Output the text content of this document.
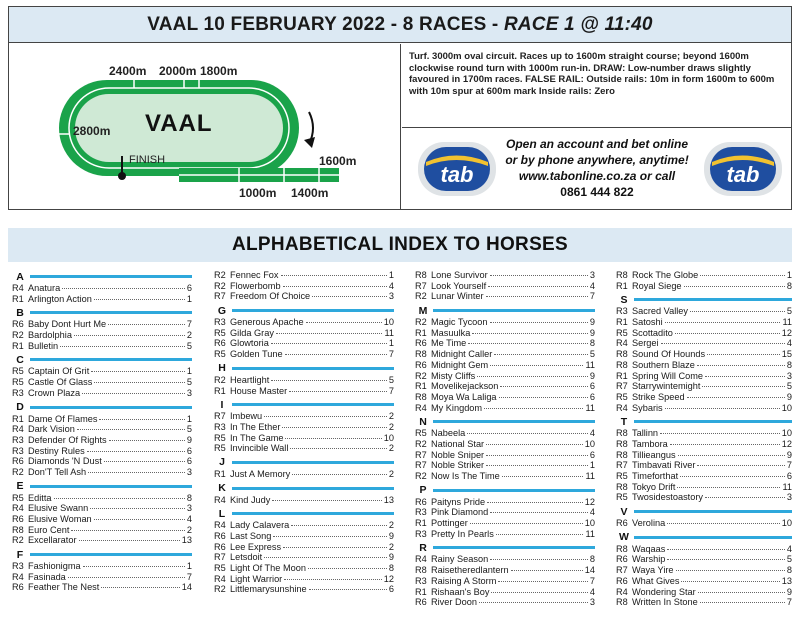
VAAL 10 FEBRUARY 2022 - 8 RACES - RACE 1 @ 11:40
2400m 2000m 1800m
2800m
1600m
1000m 1400m
VAAL
FINISH
Turf. 3000m oval circuit. Races up to 1600m straight course; beyond 1600m clockwise round turn with 1000m run-in. DRAW: Low-number draws slightly favoured in 1700m races. FALSE RAIL: Outside rails: 10m in form 1600m to 600m with 10m spur at 600m mark Inside rails: Zero
tab
Open an account and bet online
or by phone anywhere, anytime!
www.tabonline.co.za or call
0861 444 822
tab
ALPHABETICAL INDEX TO HORSES
A
R4 Anatura	6
R1 Arlington Action	1
B
R6 Baby Dont Hurt Me	7
R2 Bardolphia	2
R1 Bulletin	5
C
R5 Captain Of Grit	1
R5 Castle Of Glass	5
R3 Crown Plaza	3
D
R1 Dame Of Flames	1
R4 Dark Vision	5
R3 Defender Of Rights	9
R3 Destiny Rules	6
R6 Diamonds 'N Dust	6
R2 Don'T Tell Ash	3
E
R5 Editta	8
R4 Elusive Swann	3
R6 Elusive Woman	4
R8 Euro Cent	2
R2 Excellarator	13
F
R3 Fashionigma	1
R4 Fasinada	7
R6 Feather The Nest	14
R2 Fennec Fox	1
R2 Flowerbomb	4
R7 Freedom Of Choice	3
G
R3 Generous Apache	10
R5 Gilda Gray	11
R6 Glowtoria	1
R5 Golden Tune	7
H
R2 Heartlight	5
R1 House Master	7
I
R7 Imbewu	2
R3 In The Ether	2
R5 In The Game	10
R5 Invincible Wall	2
J
R1 Just A Memory	2
K
R4 Kind Judy	13
L
R4 Lady Calavera	2
R6 Last Song	9
R6 Lee Express	2
R7 Letsdoit	9
R5 Light Of The Moon	8
R4 Light Warrior	12
R2 Littlemarysunshine	6
R8 Lone Survivor	3
R7 Look Yourself	4
R2 Lunar Winter	7
M
R2 Magic Tycoon	9
R1 Masuulka	9
R6 Me Time	8
R8 Midnight Caller	5
R6 Midnight Gem	11
R2 Misty Cliffs	9
R1 Movelikejackson	6
R8 Moya Wa Laliga	6
R4 My Kingdom	11
N
R5 Nabeela	4
R2 National Star	10
R7 Noble Sniper	6
R7 Noble Striker	1
R2 Now Is The Time	11
P
R6 Paityns Pride	12
R3 Pink Diamond	4
R1 Pottinger	10
R3 Pretty In Pearls	11
R
R4 Rainy Season	8
R8 Raisetheredlantern	14
R3 Raising A Storm	7
R1 Rishaan's Boy	4
R6 River Doon	3
R8 Rock The Globe	1
R1 Royal Siege	8
S
R3 Sacred Valley	5
R1 Satoshi	11
R5 Scottadito	12
R4 Sergei	4
R8 Sound Of Hounds	15
R8 Southern Blaze	8
R1 Spring Will Come	3
R7 Starrywintemight	5
R5 Strike Speed	9
R4 Sybaris	10
T
R8 Tallinn	10
R8 Tambora	12
R8 Tillieangus	9
R7 Timbavati River	7
R5 Timeforthat	6
R8 Tokyo Drift	11
R5 Twosidestoastory	3
V
R6 Verolina	10
W
R8 Waqaas	4
R6 Warship	5
R7 Waya Yire	8
R6 What Gives	13
R4 Wondering Star	9
R8 Written In Stone	7
